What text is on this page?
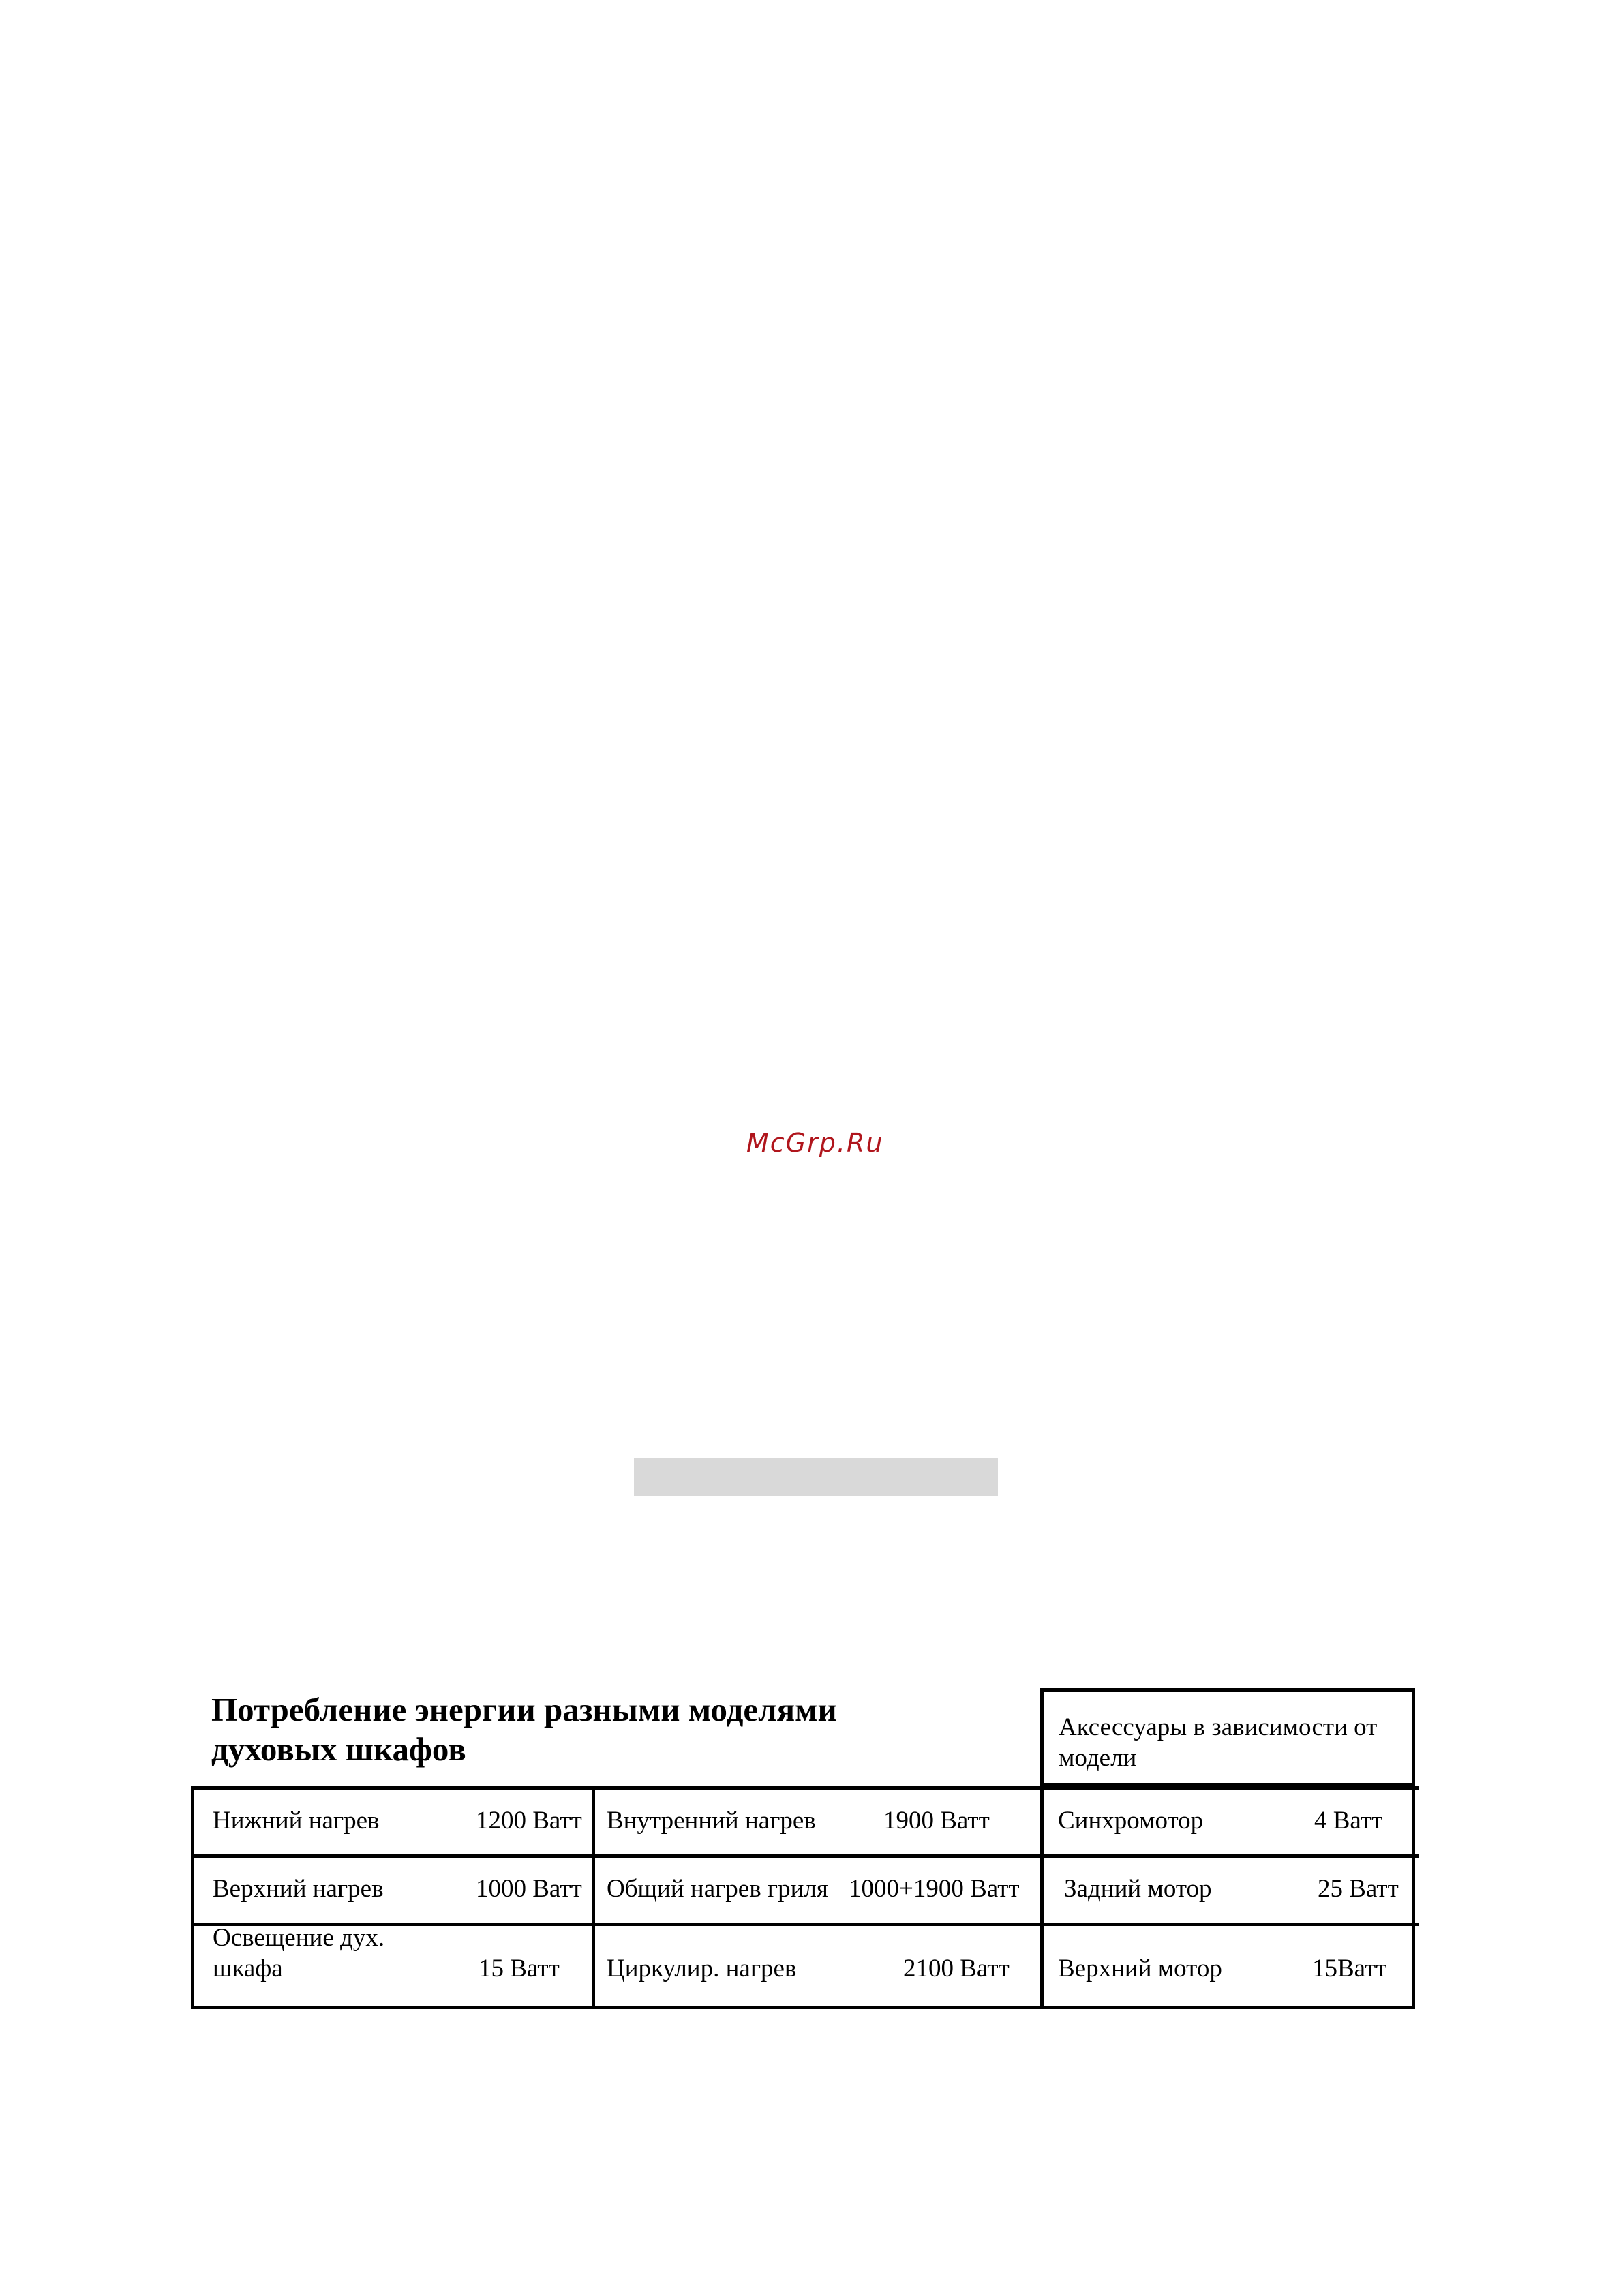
McGrp.Ru
Потребление энергии разными моделями
духовых шкафов
Аксессуары в зависимости от
модели
Нижний нагрев	1200 Ватт Внутренний нагрев	1900 Ватт	Синхромотор	4 Ватт
Верхний нагрев	1000 Ватт Общий нагрев гриля 1000+1900 Ватт Задний мотор	25 Ватт
Освещение дух.
шкафа	15 Ватт Циркулир. нагрев	2100 Ватт Верхний мотор	15Ватт
